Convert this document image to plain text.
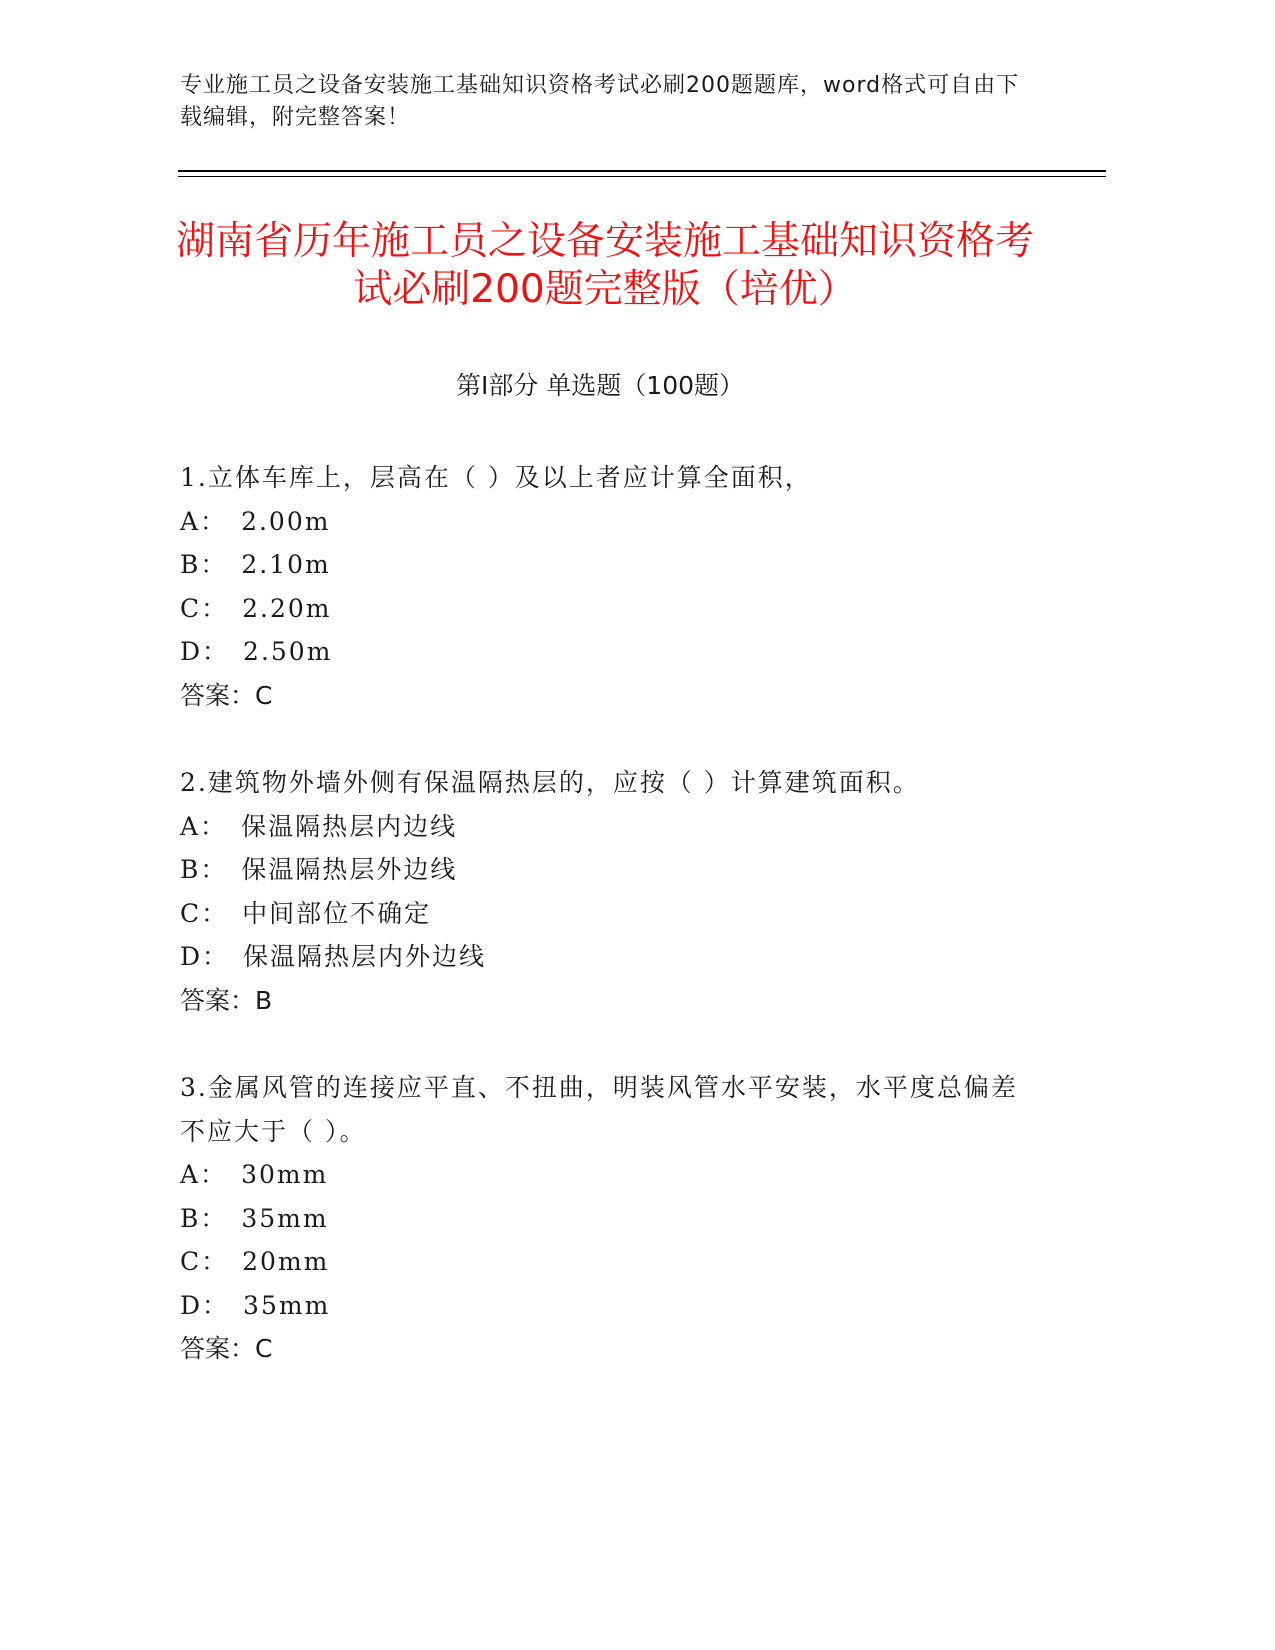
专业施工员之设备安装施工基础知识资格考试必刷200题题库，word格式可自由下载编辑，附完整答案！
湖南省历年施工员之设备安装施工基础知识资格考试必刷200题完整版（培优）
第Ⅰ部分 单选题（100题）
1.立体车库上，层高在（ ）及以上者应计算全面积，
A： 2.00m
B： 2.10m
C： 2.20m
D： 2.50m
答案：C
2.建筑物外墙外侧有保温隔热层的，应按（ ）计算建筑面积。
A： 保温隔热层内边线
B： 保温隔热层外边线
C： 中间部位不确定
D： 保温隔热层内外边线
答案：B
3.金属风管的连接应平直、不扭曲，明装风管水平安装，水平度总偏差不应大于（ ）。
A： 30mm
B： 35mm
C： 20mm
D： 35mm
答案：C
